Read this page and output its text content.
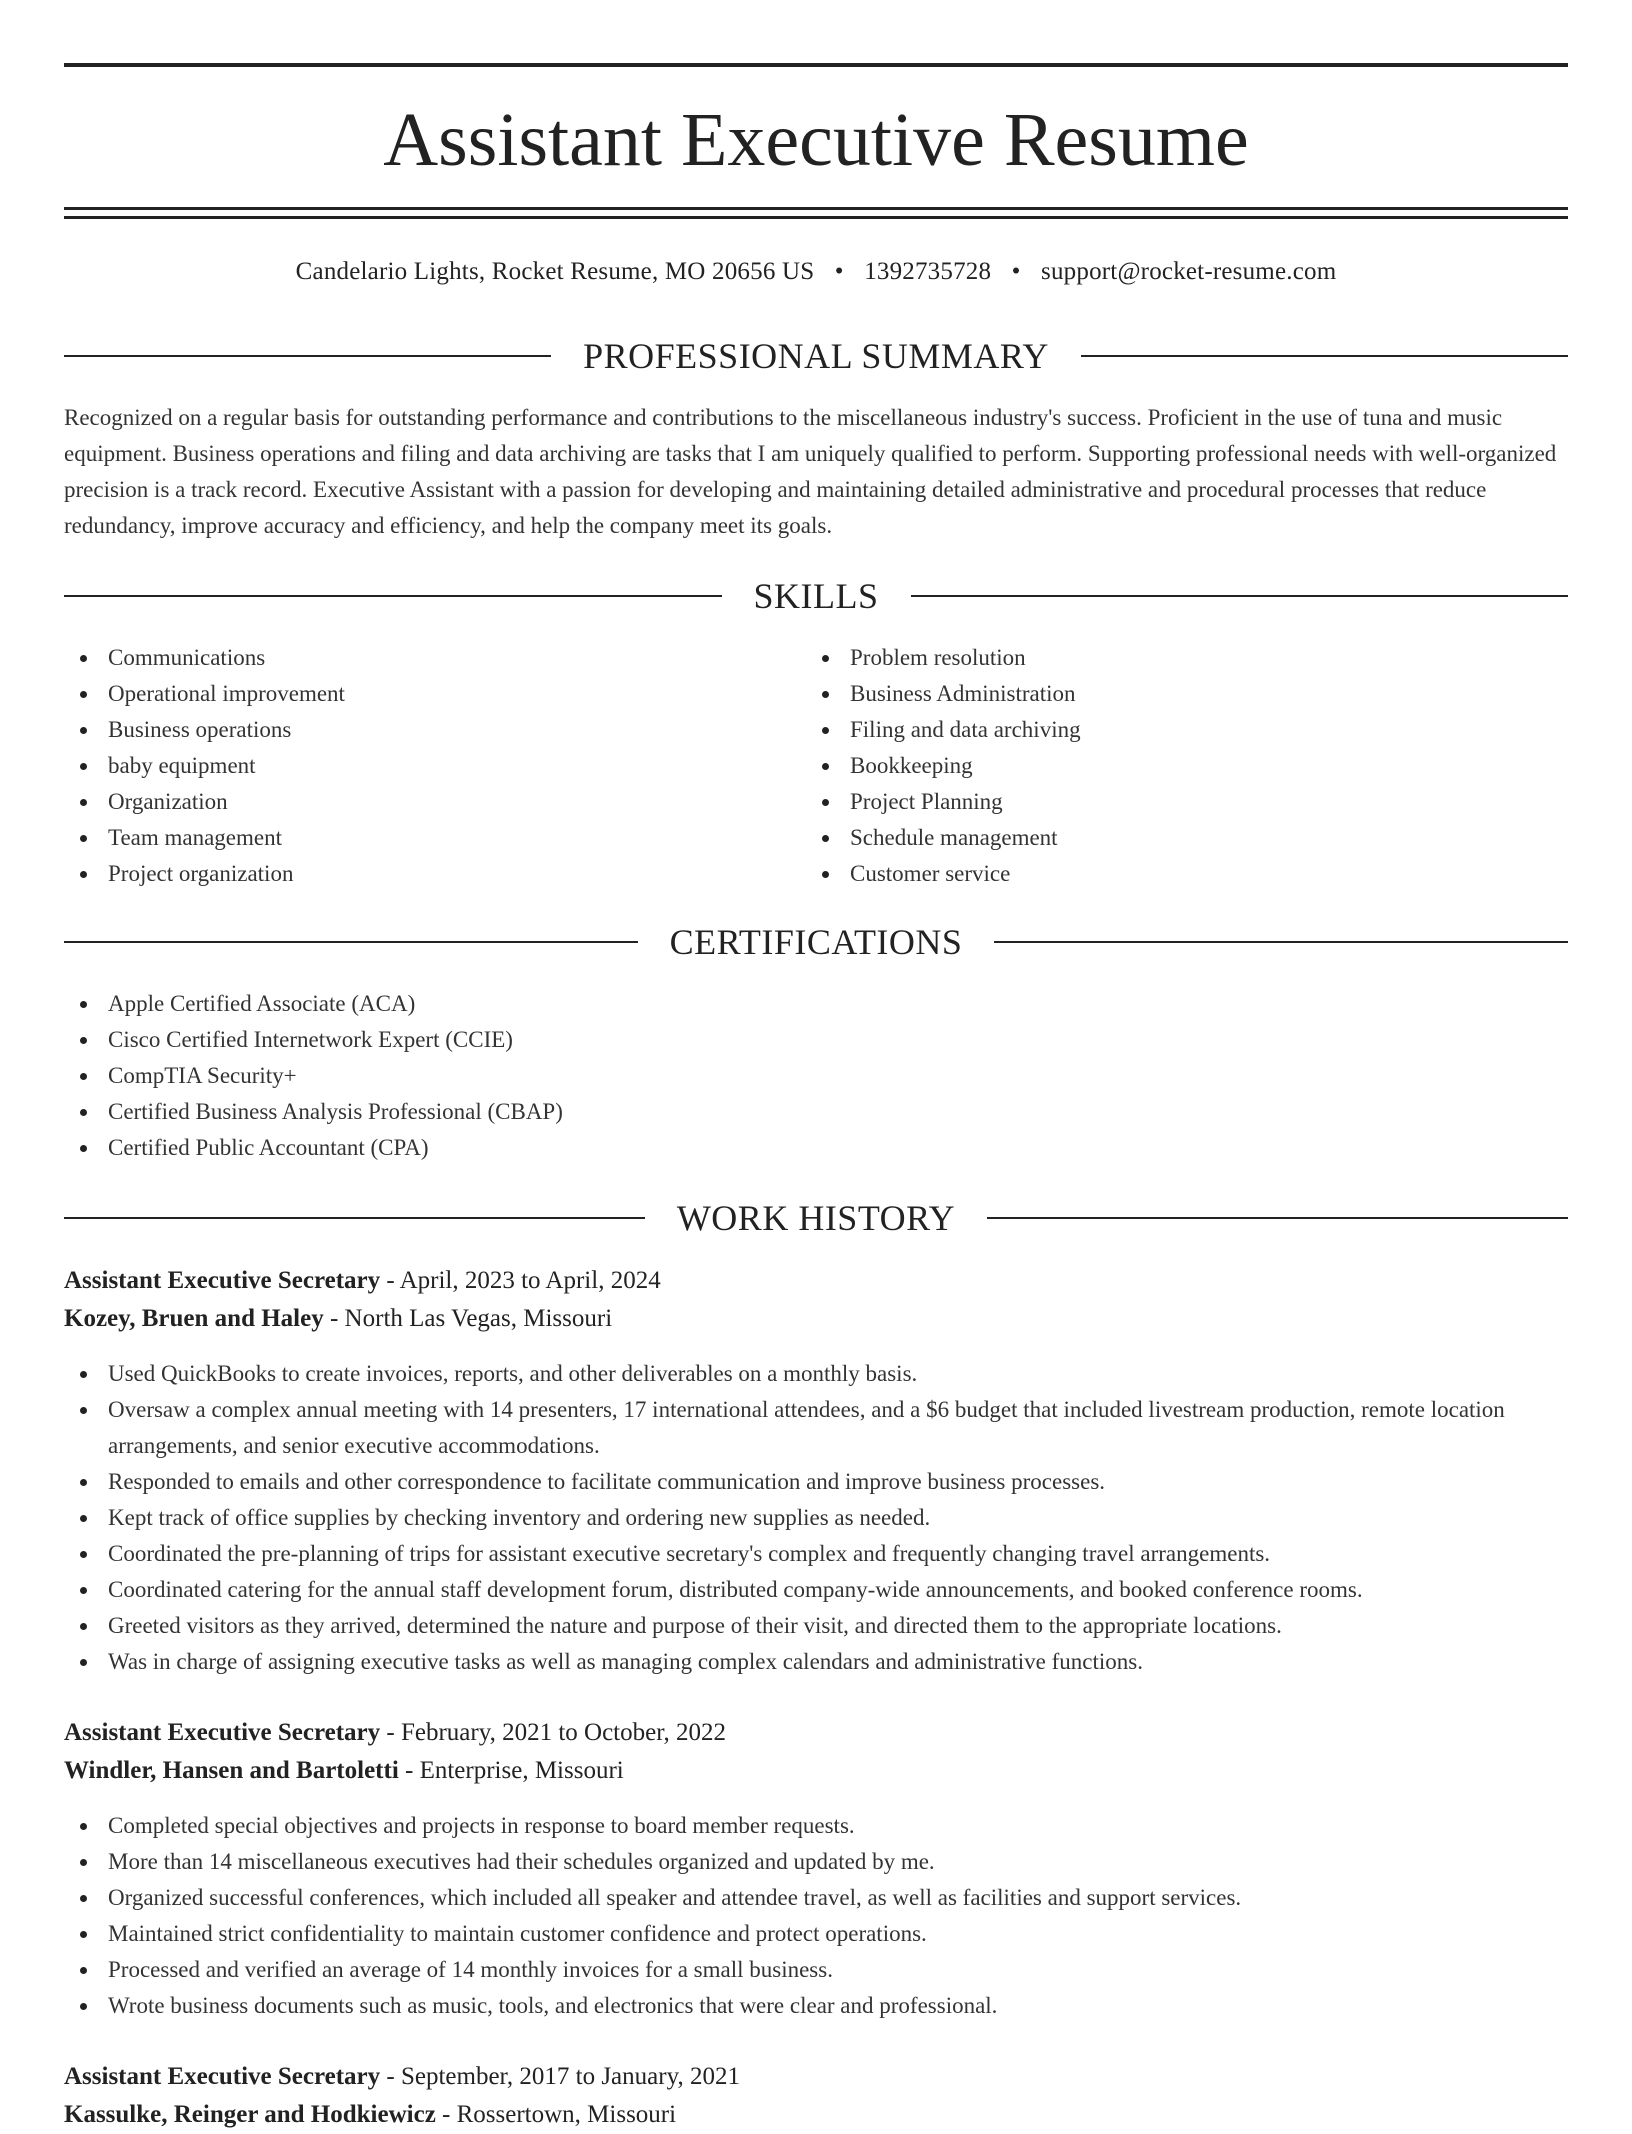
Assistant Executive Resume
Candelario Lights, Rocket Resume, MO 20656 US • 1392735728 • support@rocket-resume.com
PROFESSIONAL SUMMARY

Recognized on a regular basis for outstanding performance and contributions to the miscellaneous industry's success. Proficient in the use of tuna and music equipment. Business operations and filing and data archiving are tasks that I am uniquely qualified to perform. Supporting professional needs with well-organized precision is a track record. Executive Assistant with a passion for developing and maintaining detailed administrative and procedural processes that reduce redundancy, improve accuracy and efficiency, and help the company meet its goals.

SKILLS
Communications
Operational improvement
Business operations
baby equipment
Organization
Team management
Project organization
Problem resolution
Business Administration
Filing and data archiving
Bookkeeping
Project Planning
Schedule management
Customer service
CERTIFICATIONS
Apple Certified Associate (ACA)
Cisco Certified Internetwork Expert (CCIE)
CompTIA Security+
Certified Business Analysis Professional (CBAP)
Certified Public Accountant (CPA)
WORK HISTORY
Assistant Executive Secretary - April, 2023 to April, 2024
Kozey, Bruen and Haley - North Las Vegas, Missouri
Used QuickBooks to create invoices, reports, and other deliverables on a monthly basis.
Oversaw a complex annual meeting with 14 presenters, 17 international attendees, and a $6 budget that included livestream production, remote location arrangements, and senior executive accommodations.
Responded to emails and other correspondence to facilitate communication and improve business processes.
Kept track of office supplies by checking inventory and ordering new supplies as needed.
Coordinated the pre-planning of trips for assistant executive secretary's complex and frequently changing travel arrangements.
Coordinated catering for the annual staff development forum, distributed company-wide announcements, and booked conference rooms.
Greeted visitors as they arrived, determined the nature and purpose of their visit, and directed them to the appropriate locations.
Was in charge of assigning executive tasks as well as managing complex calendars and administrative functions.
Assistant Executive Secretary - February, 2021 to October, 2022
Windler, Hansen and Bartoletti - Enterprise, Missouri
Completed special objectives and projects in response to board member requests.
More than 14 miscellaneous executives had their schedules organized and updated by me.
Organized successful conferences, which included all speaker and attendee travel, as well as facilities and support services.
Maintained strict confidentiality to maintain customer confidence and protect operations.
Processed and verified an average of 14 monthly invoices for a small business.
Wrote business documents such as music, tools, and electronics that were clear and professional.
Assistant Executive Secretary - September, 2017 to January, 2021
Kassulke, Reinger and Hodkiewicz - Rossertown, Missouri
